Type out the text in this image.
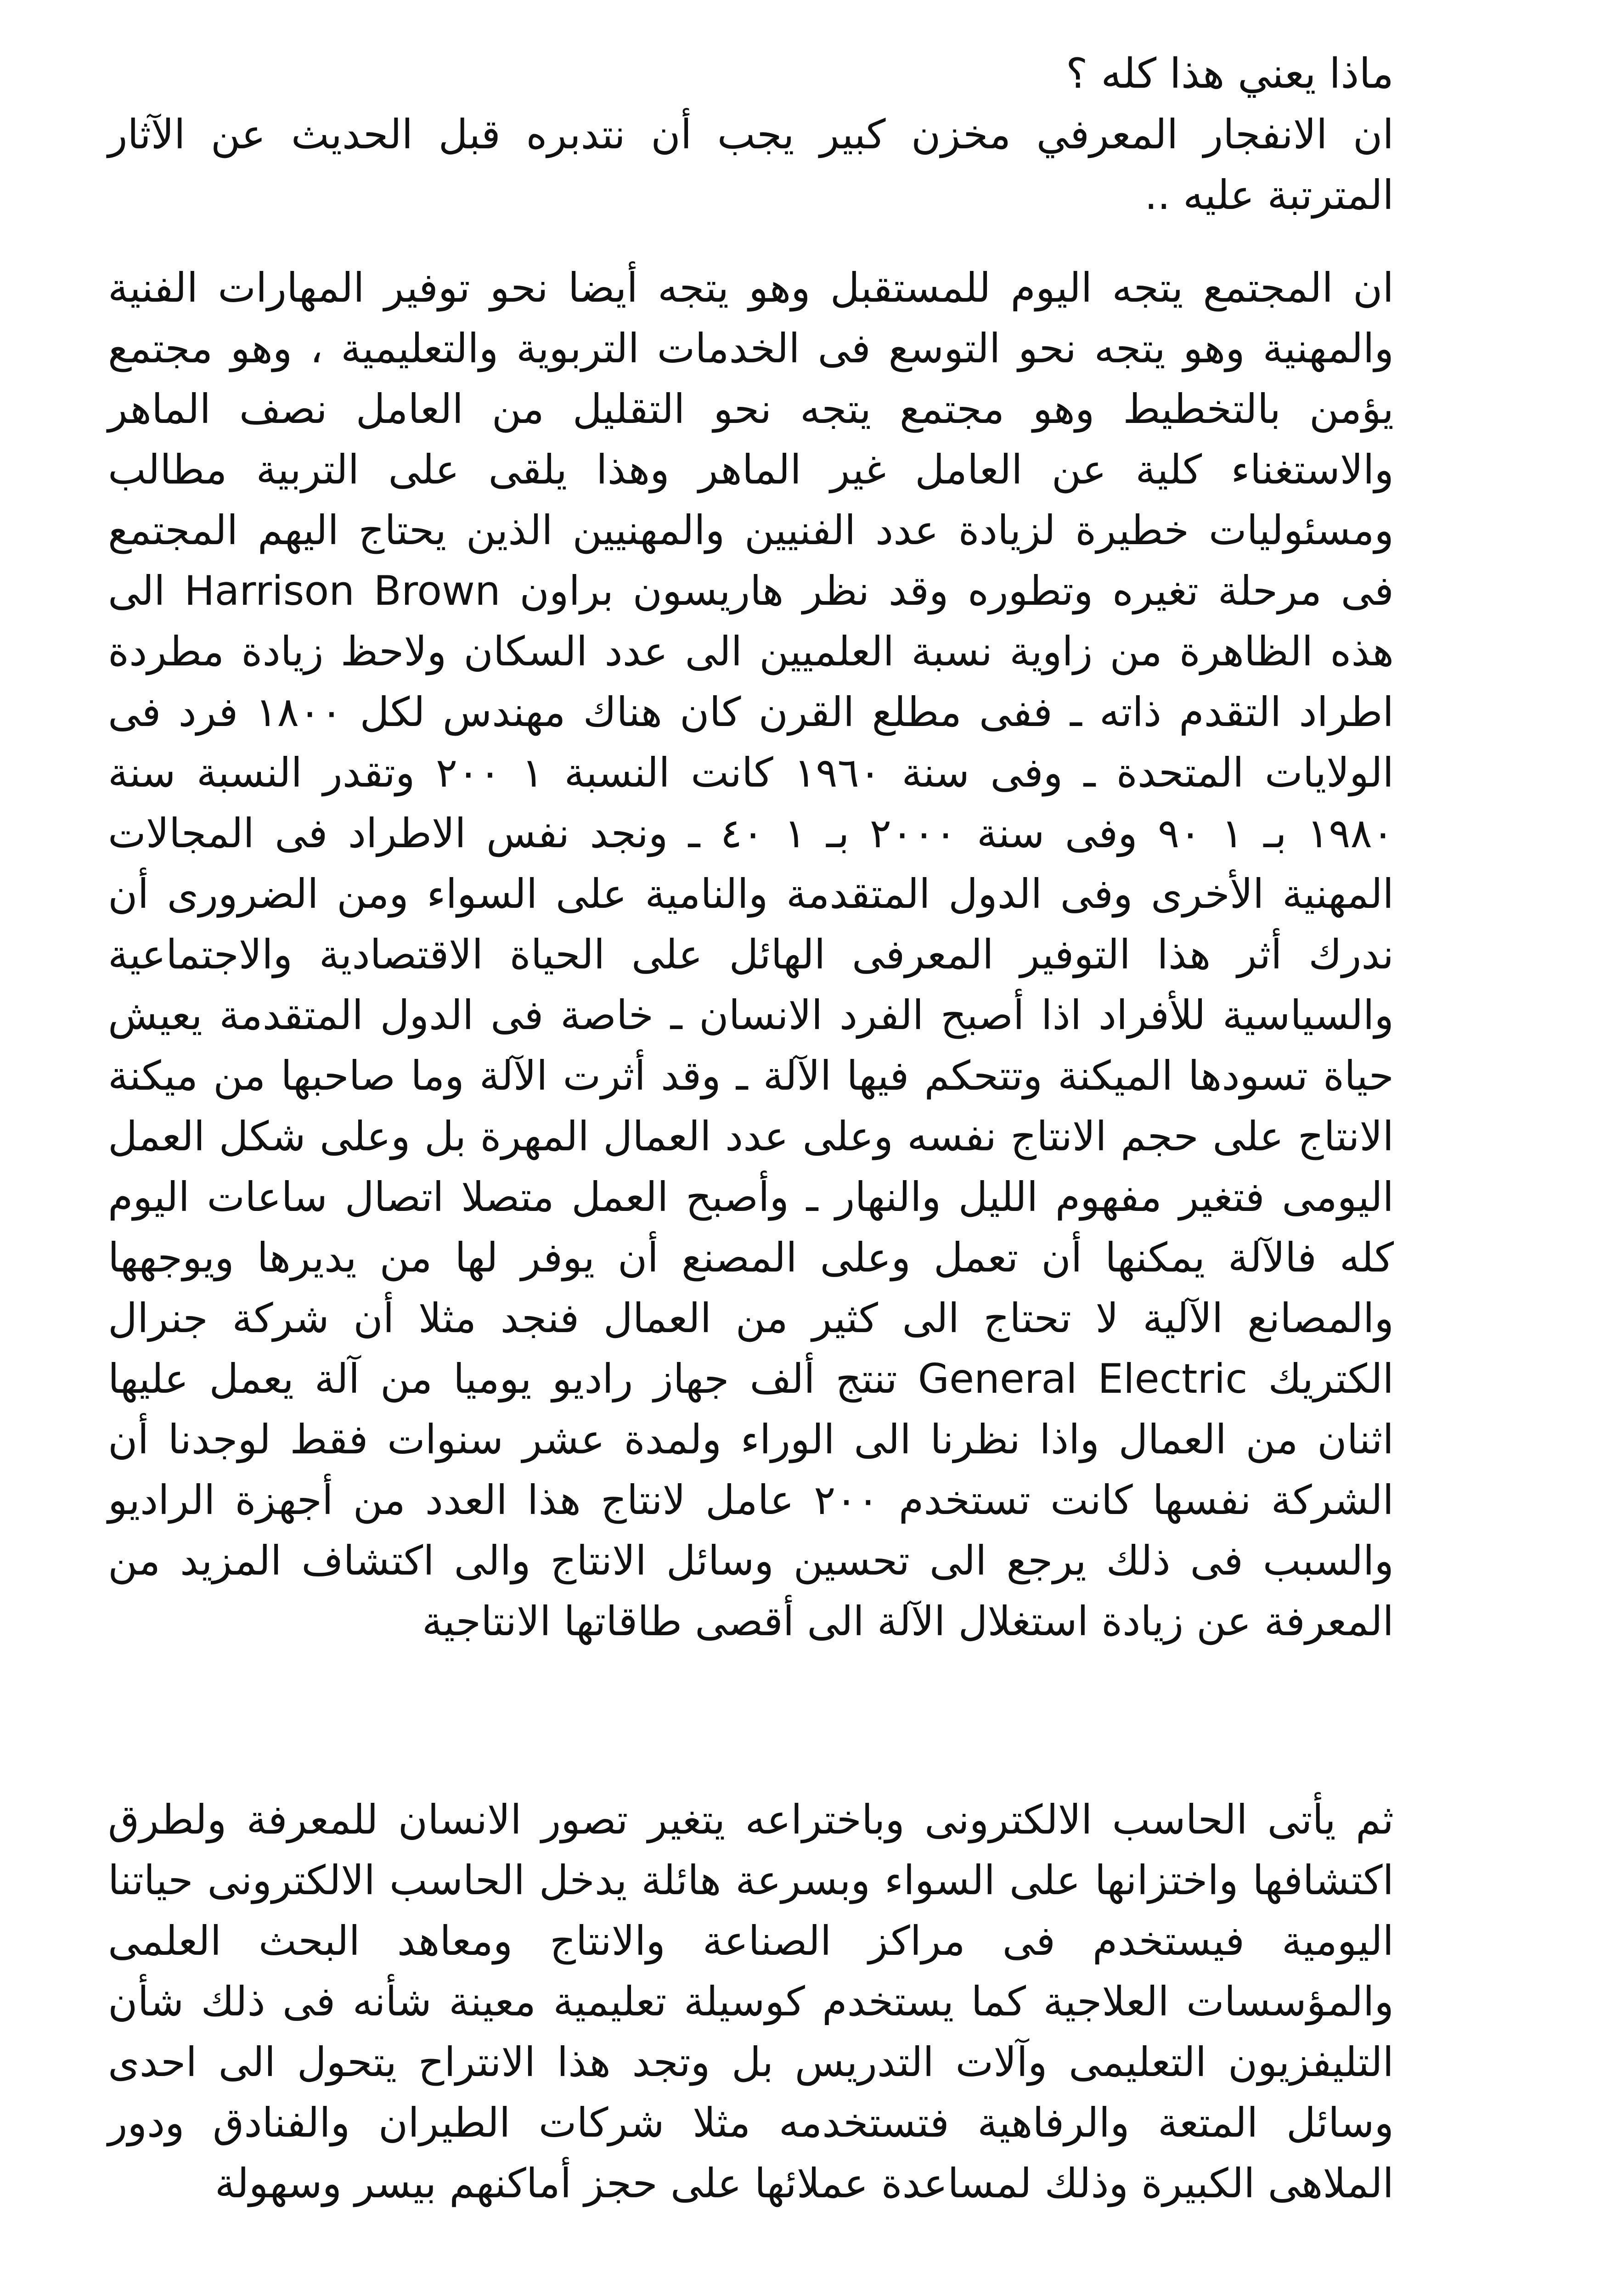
ماذا يعني هذا كله ؟

ان الانفجار المعرفي مخزن كبير يجب أن نتدبره قبل الحديث عن الآثار المترتبة عليه ..

ان المجتمع يتجه اليوم للمستقبل وهو يتجه أيضا نحو توفير المهارات الفنية والمهنية وهو يتجه نحو التوسع فى الخدمات التربوية والتعليمية ، وهو مجتمع يؤمن بالتخطيط وهو مجتمع يتجه نحو التقليل من العامل نصف الماهر والاستغناء كلية عن العامل غير الماهر وهذا يلقى على التربية مطالب ومسئوليات خطيرة لزيادة عدد الفنيين والمهنيين الذين يحتاج اليهم المجتمع فى مرحلة تغيره وتطوره وقد نظر هاريسون براون Harrison Brown الى هذه الظاهرة من زاوية نسبة العلميين الى عدد السكان ولاحظ زيادة مطردة اطراد التقدم ذاته ـ ففى مطلع القرن كان هناك مهندس لكل ١٨٠٠ فرد فى الولايات المتحدة ـ وفى سنة ١٩٦٠ كانت النسبة ١ ٢٠٠ وتقدر النسبة سنة ١٩٨٠ بـ ١ ٩٠ وفى سنة ٢٠٠٠ بـ ١ ٤٠ ـ ونجد نفس الاطراد فى المجالات المهنية الأخرى وفى الدول المتقدمة والنامية على السواء ومن الضرورى أن ندرك أثر هذا التوفير المعرفى الهائل على الحياة الاقتصادية والاجتماعية والسياسية للأفراد اذا أصبح الفرد الانسان ـ خاصة فى الدول المتقدمة يعيش حياة تسودها الميكنة وتتحكم فيها الآلة ـ وقد أثرت الآلة وما صاحبها من ميكنة الانتاج على حجم الانتاج نفسه وعلى عدد العمال المهرة بل وعلى شكل العمل اليومى فتغير مفهوم الليل والنهار ـ وأصبح العمل متصلا اتصال ساعات اليوم كله فالآلة يمكنها أن تعمل وعلى المصنع أن يوفر لها من يديرها ويوجهها والمصانع الآلية لا تحتاج الى كثير من العمال فنجد مثلا أن شركة جنرال الكتريك General Electric تنتج ألف جهاز راديو يوميا من آلة يعمل عليها اثنان من العمال واذا نظرنا الى الوراء ولمدة عشر سنوات فقط لوجدنا أن الشركة نفسها كانت تستخدم ٢٠٠ عامل لانتاج هذا العدد من أجهزة الراديو والسبب فى ذلك يرجع الى تحسين وسائل الانتاج والى اكتشاف المزيد من المعرفة عن زيادة استغلال الآلة الى أقصى طاقاتها الانتاجية

ثم يأتى الحاسب الالكترونى وباختراعه يتغير تصور الانسان للمعرفة ولطرق اكتشافها واختزانها على السواء وبسرعة هائلة يدخل الحاسب الالكترونى حياتنا اليومية فيستخدم فى مراكز الصناعة والانتاج ومعاهد البحث العلمى والمؤسسات العلاجية كما يستخدم كوسيلة تعليمية معينة شأنه فى ذلك شأن التليفزيون التعليمى وآلات التدريس بل وتجد هذا الانتراح يتحول الى احدى وسائل المتعة والرفاهية فتستخدمه مثلا شركات الطيران والفنادق ودور الملاهى الكبيرة وذلك لمساعدة عملائها على حجز أماكنهم بيسر وسهولة
